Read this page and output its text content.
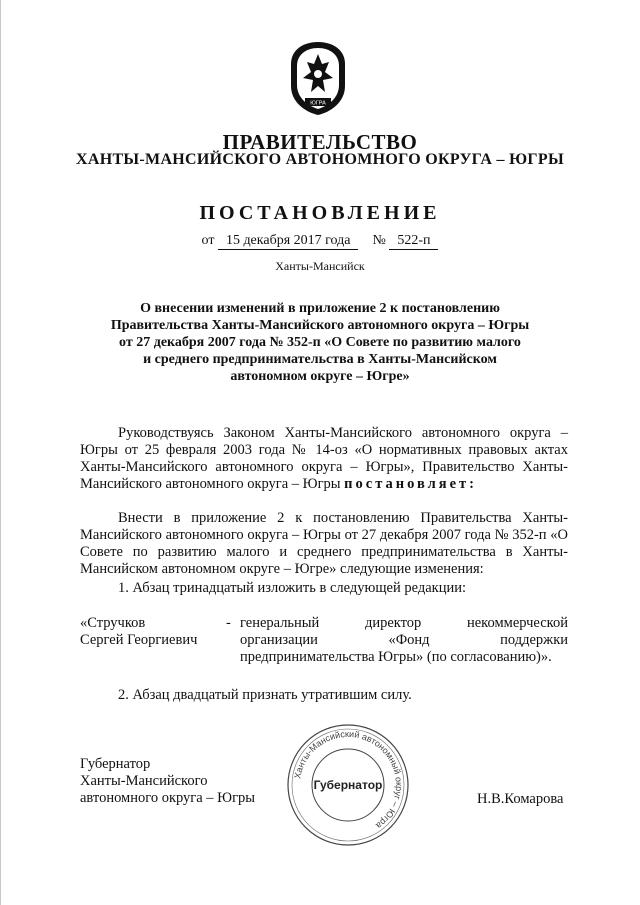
ЮГРА
ПРАВИТЕЛЬСТВО
ХАНТЫ-МАНСИЙСКОГО АВТОНОМНОГО ОКРУГА – ЮГРЫ
ПОСТАНОВЛЕНИЕ
от 15 декабря 2017 года № 522-п
Ханты-Мансийск
О внесении изменений в приложение 2 к постановлению
Правительства Ханты-Мансийского автономного округа – Югры
от 27 декабря 2007 года № 352-п «О Совете по развитию малого
и среднего предпринимательства в Ханты-Мансийском
автономном округе – Югре»
Руководствуясь Законом Ханты-Мансийского автономного округа – Югры от 25 февраля 2003 года № 14-оз «О нормативных правовых актах Ханты-Мансийского автономного округа – Югры», Правительство Ханты-Мансийского автономного округа – Югры постановляет:
Внести в приложение 2 к постановлению Правительства Ханты-Мансийского автономного округа – Югры от 27 декабря 2007 года № 352-п «О Совете по развитию малого и среднего предпринимательства в Ханты-Мансийском автономном округе – Югре» следующие изменения:
1. Абзац тринадцатый изложить в следующей редакции:
«Стручков
Сергей Георгиевич
- генеральный	директор	некоммерческой
организации	«Фонд	поддержки
предпринимательства Югры» (по согласованию)».
2. Абзац двадцатый признать утратившим силу.
Губернатор
Ханты-Мансийского
автономного округа – Югры
Ханты-Мансийский автономный округ – Югра
Губернатор
Н.В.Комарова
